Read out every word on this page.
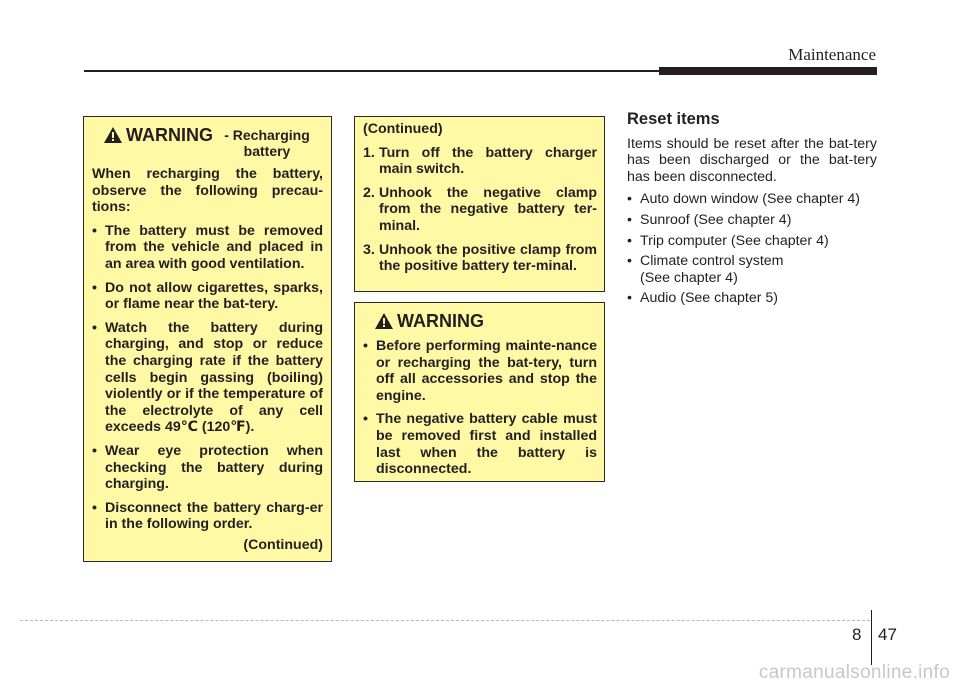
Maintenance
WARNING - Recharging battery

When recharging the battery, observe the following precau-tions:

• The battery must be removed from the vehicle and placed in an area with good ventilation.
• Do not allow cigarettes, sparks, or flame near the bat-tery.
• Watch the battery during charging, and stop or reduce the charging rate if the battery cells begin gassing (boiling) violently or if the temperature of the electrolyte of any cell exceeds 49℃ (120℉).
• Wear eye protection when checking the battery during charging.
• Disconnect the battery charg-er in the following order.
(Continued)

(Continued)

1. Turn off the battery charger main switch.
2. Unhook the negative clamp from the negative battery ter-minal.
3. Unhook the positive clamp from the positive battery ter-minal.
WARNING
• Before performing mainte-nance or recharging the bat-tery, turn off all accessories and stop the engine.
• The negative battery cable must be removed first and installed last when the battery is disconnected.
Reset items

Items should be reset after the bat-tery has been discharged or the bat-tery has been disconnected.

• Auto down window (See chapter 4)
• Sunroof (See chapter 4)
• Trip computer (See chapter 4)
• Climate control system (See chapter 4)
• Audio (See chapter 5)
8 47
carmanualsonline.info
